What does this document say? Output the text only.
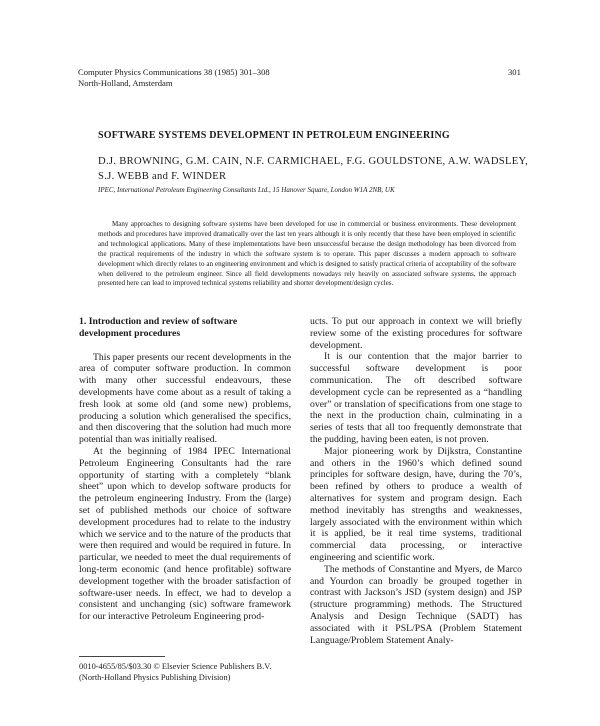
Computer Physics Communications 38 (1985) 301–308
North-Holland, Amsterdam
301
SOFTWARE SYSTEMS DEVELOPMENT IN PETROLEUM ENGINEERING
D.J. BROWNING, G.M. CAIN, N.F. CARMICHAEL, F.G. GOULDSTONE, A.W. WADSLEY,
S.J. WEBB and F. WINDER
IPEC, International Petroleum Engineering Consultants Ltd., 15 Hanover Square, London W1A 2NB, UK
Many approaches to designing software systems have been developed for use in commercial or business environments. These development methods and procedures have improved dramatically over the last ten years although it is only recently that these have been employed in scientific and technological applications. Many of these implementations have been unsuccessful because the design methodology has been divorced from the practical requirements of the industry in which the software system is to operate. This paper discusses a modern approach to software development which directly relates to an engineering environment and which is designed to satisfy practical criteria of acceptability of the software when delivered to the petroleum engineer. Since all field developments nowadays rely heavily on associated software systems, the approach presented here can lead to improved technical systems reliability and shorter development/design cycles.

1. Introduction and review of software development procedures

This paper presents our recent developments in the area of computer software production. In common with many other successful endeavours, these developments have come about as a result of taking a fresh look at some old (and some new) problems, producing a solution which generalised the specifics, and then discovering that the solution had much more potential than was initially realised.

At the beginning of 1984 IPEC International Petroleum Engineering Consultants had the rare opportunity of starting with a completely “blank sheet” upon which to develop software products for the petroleum engineering Industry. From the (large) set of published methods our choice of software development procedures had to relate to the industry which we service and to the nature of the products that were then required and would be required in future. In particular, we needed to meet the dual requirements of long-term economic (and hence profitable) software development together with the broader satisfaction of software-user needs. In effect, we had to develop a consistent and unchanging (sic) software framework for our interactive Petroleum Engineering prod-

ucts. To put our approach in context we will briefly review some of the existing procedures for software development.

It is our contention that the major barrier to successful software development is poor communication. The oft described software development cycle can be represented as a “handling over” or translation of specifications from one stage to the next in the production chain, culminating in a series of tests that all too frequently demonstrate that the pudding, having been eaten, is not proven.

Major pioneering work by Dijkstra, Constantine and others in the 1960’s which defined sound principles for software design, have, during the 70’s, been refined by others to produce a wealth of alternatives for system and program design. Each method inevitably has strengths and weaknesses, largely associated with the environment within which it is applied, be it real time systems, traditional commercial data processing, or interactive engineering and scientific work.

The methods of Constantine and Myers, de Marco and Yourdon can broadly be grouped together in contrast with Jackson’s JSD (system design) and JSP (structure programming) methods. The Structured Analysis and Design Technique (SADT) has associated with it PSL/PSA (Problem Statement Language/Problem Statement Analy-

0010-4655/85/$03.30 © Elsevier Science Publishers B.V.
(North-Holland Physics Publishing Division)
